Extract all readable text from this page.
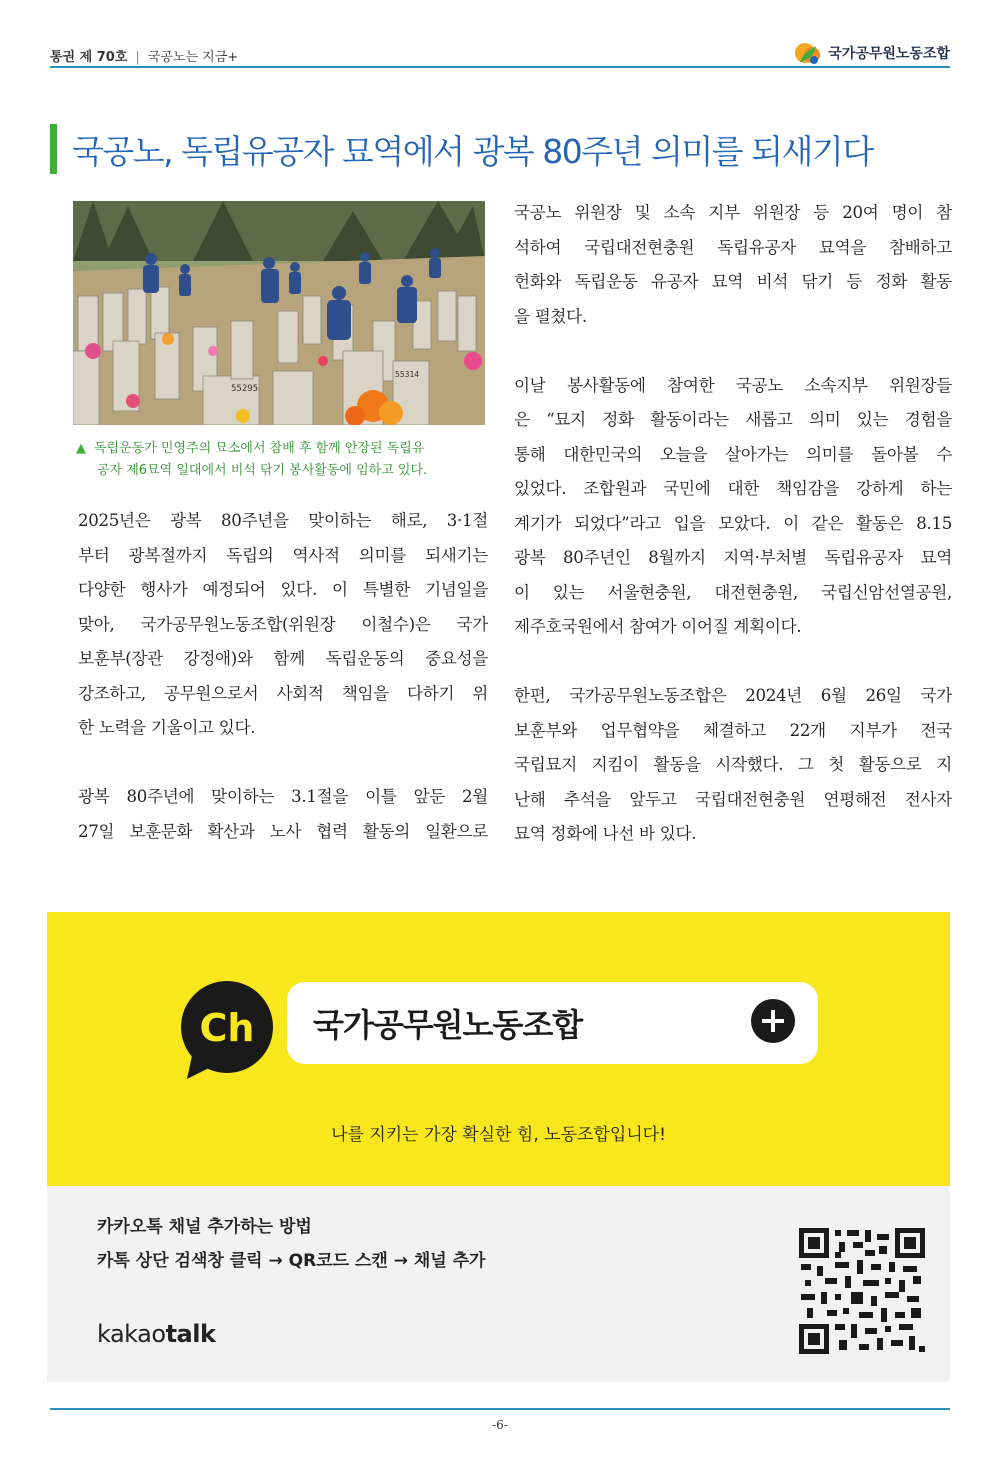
통권 제 70호 | 국공노는 지금+	국가공무원노동조합
국공노, 독립유공자 묘역에서 광복 80주년 의미를 되새기다
55295
55314
▲ 독립운동가 민영주의 묘소에서 참배 후 함께 안장된 독립유
공자 제6묘역 일대에서 비석 닦기 봉사활동에 임하고 있다.

2025년은 광복 80주년을 맞이하는 해로, 3·1절

부터 광복절까지 독립의 역사적 의미를 되새기는

다양한 행사가 예정되어 있다. 이 특별한 기념일을

맞아, 국가공무원노동조합(위원장 이철수)은 국가

보훈부(장관 강정애)와 함께 독립운동의 중요성을

강조하고, 공무원으로서 사회적 책임을 다하기 위

한 노력을 기울이고 있다.

광복 80주년에 맞이하는 3.1절을 이틀 앞둔 2월

27일 보훈문화 확산과 노사 협력 활동의 일환으로

국공노 위원장 및 소속 지부 위원장 등 20여 명이 참

석하여 국립대전현충원 독립유공자 묘역을 참배하고

헌화와 독립운동 유공자 묘역 비석 닦기 등 정화 활동

을 펼쳤다.

이날 봉사활동에 참여한 국공노 소속지부 위원장들

은 “묘지 정화 활동이라는 새롭고 의미 있는 경험을

통해 대한민국의 오늘을 살아가는 의미를 돌아볼 수

있었다. 조합원과 국민에 대한 책임감을 강하게 하는

계기가 되었다”라고 입을 모았다. 이 같은 활동은 8.15

광복 80주년인 8월까지 지역·부처별 독립유공자 묘역

이 있는 서울현충원, 대전현충원, 국립신암선열공원,

제주호국원에서 참여가 이어질 계획이다.

한편, 국가공무원노동조합은 2024년 6월 26일 국가

보훈부와 업무협약을 체결하고 22개 지부가 전국

국립묘지 지킴이 활동을 시작했다. 그 첫 활동으로 지

난해 추석을 앞두고 국립대전현충원 연평해전 전사자

묘역 정화에 나선 바 있다.

Ch 국가공무원노동조합
나를 지키는 가장 확실한 힘, 노동조합입니다!
카카오톡 채널 추가하는 방법
카톡 상단 검색창 클릭 → QR코드 스캔 → 채널 추가
kakaotalk
-6-
